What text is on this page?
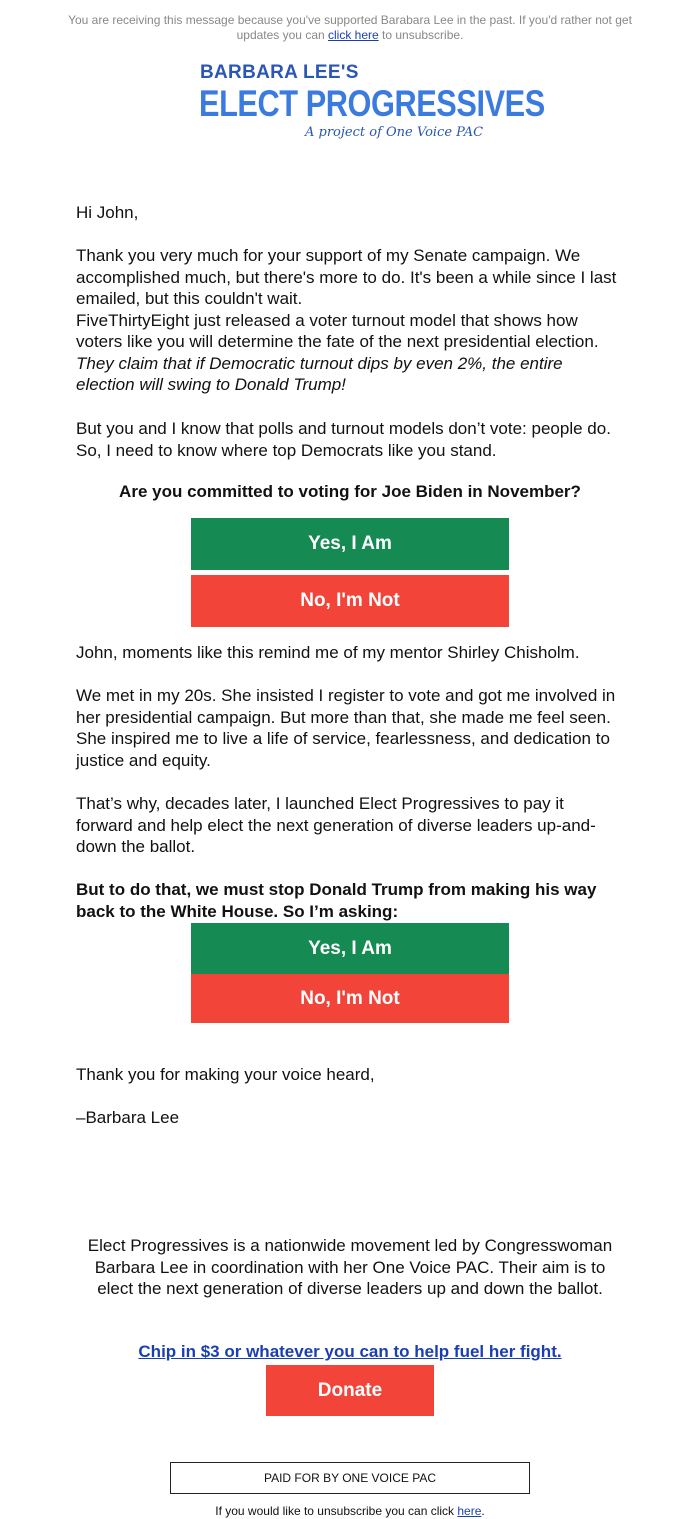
You are receiving this message because you've supported Barabara Lee in the past. If you'd rather not get updates you can click here to unsubscribe.
BARBARA LEE'S
ELECT PROGRESSIVES
A project of One Voice PAC

Hi John,

Thank you very much for your support of my Senate campaign. We accomplished much, but there's more to do. It's been a while since I last emailed, but this couldn't wait.

FiveThirtyEight just released a voter turnout model that shows how voters like you will determine the fate of the next presidential election. They claim that if Democratic turnout dips by even 2%, the entire election will swing to Donald Trump!

But you and I know that polls and turnout models don’t vote: people do. So, I need to know where top Democrats like you stand.

Are you committed to voting for Joe Biden in November?
Yes, I Am
No, I'm Not

John, moments like this remind me of my mentor Shirley Chisholm.

We met in my 20s. She insisted I register to vote and got me involved in her presidential campaign. But more than that, she made me feel seen. She inspired me to live a life of service, fearlessness, and dedication to justice and equity.

That’s why, decades later, I launched Elect Progressives to pay it forward and help elect the next generation of diverse leaders up-and-down the ballot.

But to do that, we must stop Donald Trump from making his way back to the White House. So I’m asking:

Yes, I Am
No, I'm Not
Thank you for making your voice heard,
–Barbara Lee
Elect Progressives is a nationwide movement led by Congresswoman Barbara Lee in coordination with her One Voice PAC. Their aim is to elect the next generation of diverse leaders up and down the ballot.
Chip in $3 or whatever you can to help fuel her fight.
Donate
PAID FOR BY ONE VOICE PAC
If you would like to unsubscribe you can click here.
